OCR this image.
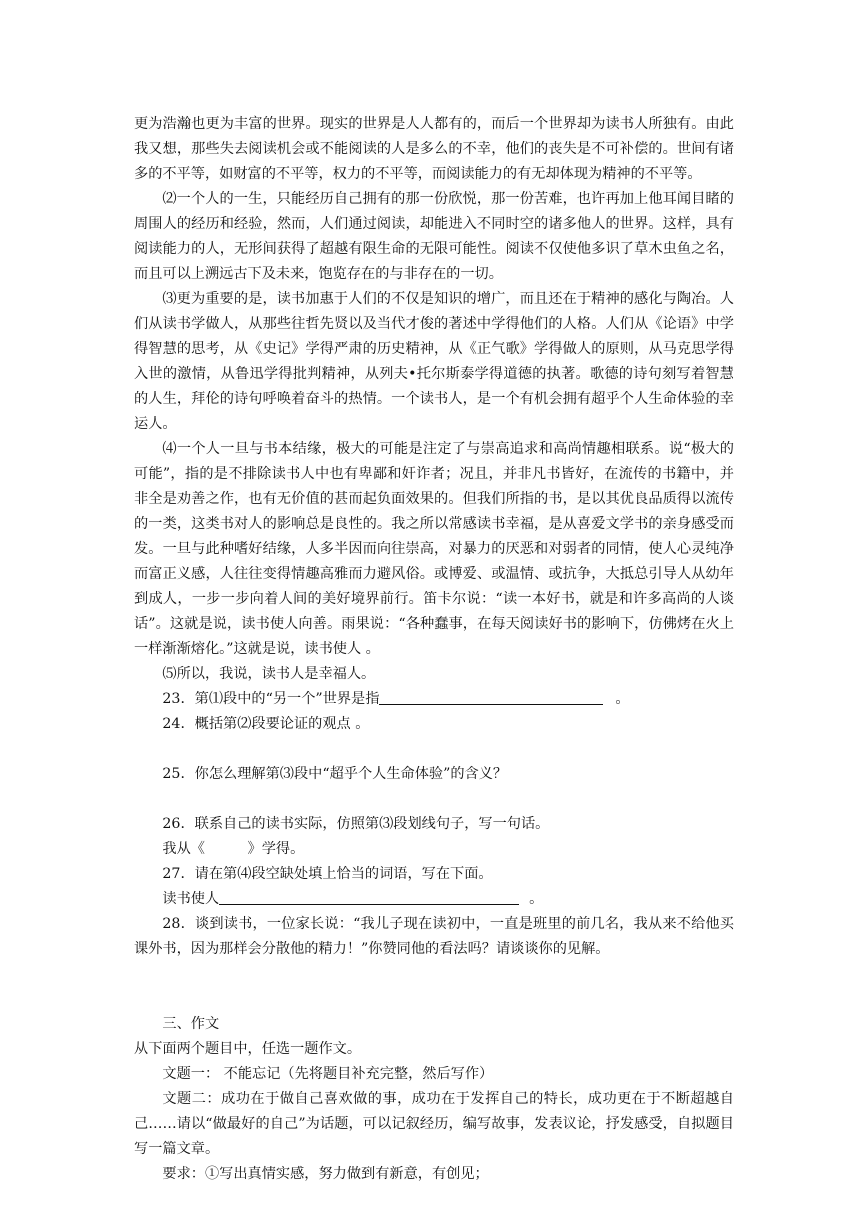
更为浩瀚也更为丰富的世界。现实的世界是人人都有的，而后一个世界却为读书人所独有。由此我又想，那些失去阅读机会或不能阅读的人是多么的不幸，他们的丧失是不可补偿的。世间有诸多的不平等，如财富的不平等，权力的不平等，而阅读能力的有无却体现为精神的不平等。

⑵一个人的一生，只能经历自己拥有的那一份欣悦，那一份苦难，也许再加上他耳闻目睹的周围人的经历和经验，然而，人们通过阅读，却能进入不同时空的诸多他人的世界。这样，具有阅读能力的人，无形间获得了超越有限生命的无限可能性。阅读不仅使他多识了草木虫鱼之名，而且可以上溯远古下及未来，饱览存在的与非存在的一切。

⑶更为重要的是，读书加惠于人们的不仅是知识的增广，而且还在于精神的感化与陶冶。人们从读书学做人，从那些往哲先贤以及当代才俊的著述中学得他们的人格。人们从《论语》中学得智慧的思考，从《史记》学得严肃的历史精神，从《正气歌》学得做人的原则，从马克思学得入世的激情，从鲁迅学得批判精神，从列夫•托尔斯泰学得道德的执著。歌德的诗句刻写着智慧的人生，拜伦的诗句呼唤着奋斗的热情。一个读书人，是一个有机会拥有超乎个人生命体验的幸运人。

⑷一个人一旦与书本结缘，极大的可能是注定了与崇高追求和高尚情趣相联系。说“极大的可能”，指的是不排除读书人中也有卑鄙和奸诈者；况且，并非凡书皆好，在流传的书籍中，并非全是劝善之作，也有无价值的甚而起负面效果的。但我们所指的书，是以其优良品质得以流传的一类，这类书对人的影响总是良性的。我之所以常感读书幸福，是从喜爱文学书的亲身感受而发。一旦与此种嗜好结缘，人多半因而向往崇高，对暴力的厌恶和对弱者的同情，使人心灵纯净而富正义感，人往往变得情趣高雅而力避风俗。或博爱、或温情、或抗争，大抵总引导人从幼年到成人，一步一步向着人间的美好境界前行。笛卡尔说：“读一本好书，就是和许多高尚的人谈话”。这就是说，读书使人向善。雨果说：“各种蠢事，在每天阅读好书的影响下，仿佛烤在火上一样渐渐熔化。”这就是说，读书使人 。

⑸所以，我说，读书人是幸福人。

23．第⑴段中的“另一个”世界是指	。

24．概括第⑵段要论证的观点 。

25．你怎么理解第⑶段中“超乎个人生命体验”的含义？

26．联系自己的读书实际，仿照第⑶段划线句子，写一句话。

我从《　　　》学得。

27．请在第⑷段空缺处填上恰当的词语，写在下面。

读书使人	。

28．谈到读书，一位家长说：“我儿子现在读初中，一直是班里的前几名，我从来不给他买课外书，因为那样会分散他的精力！”你赞同他的看法吗？请谈谈你的见解。

三、作文

从下面两个题目中，任选一题作文。

文题一： 不能忘记（先将题目补充完整，然后写作）

文题二：成功在于做自己喜欢做的事，成功在于发挥自己的特长，成功更在于不断超越自己……请以“做最好的自己”为话题，可以记叙经历，编写故事，发表议论，抒发感受，自拟题目写一篇文章。

要求：①写出真情实感，努力做到有新意，有创见；
